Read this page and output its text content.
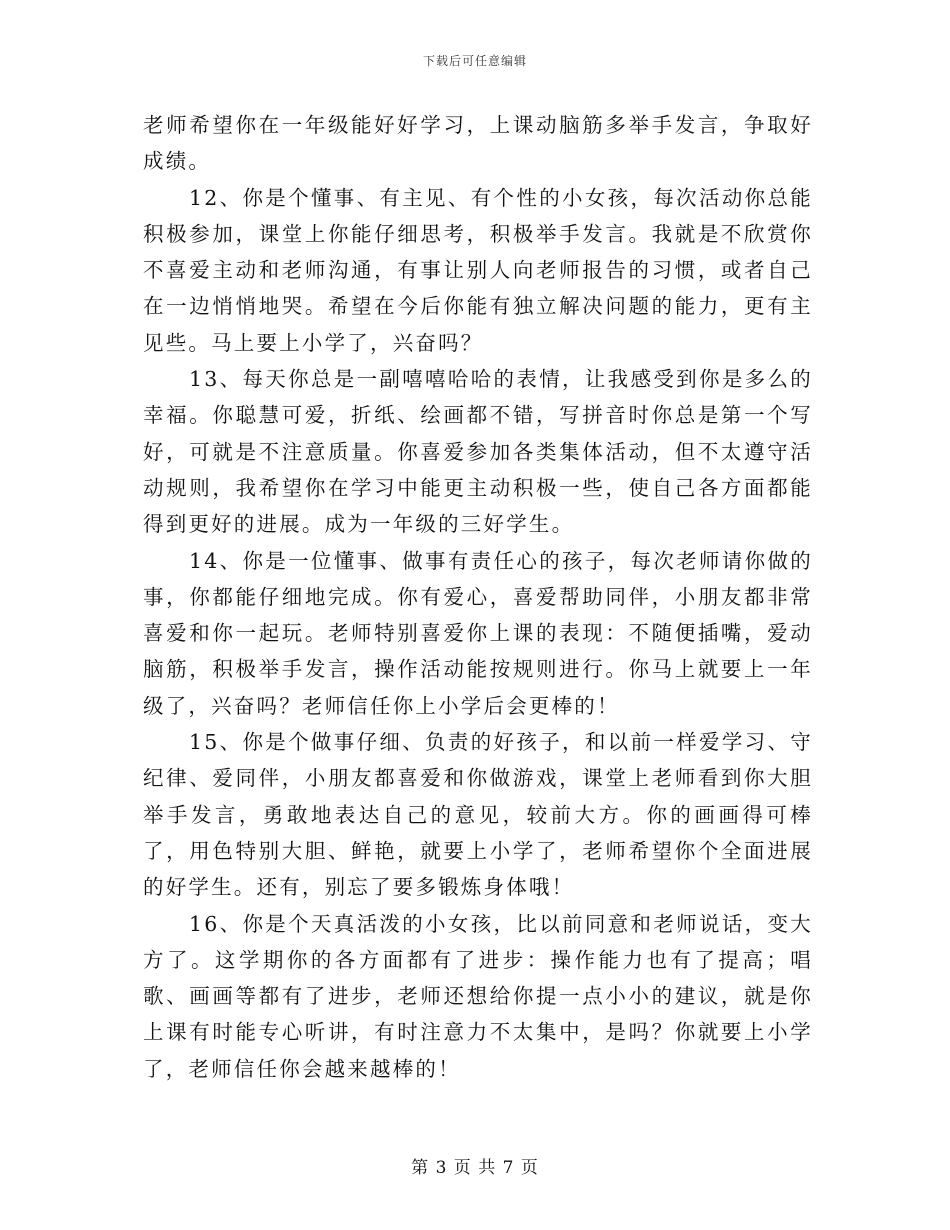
下载后可任意编辑

老师希望你在一年级能好好学习，上课动脑筋多举手发言，争取好成绩。

12、你是个懂事、有主见、有个性的小女孩，每次活动你总能积极参加，课堂上你能仔细思考，积极举手发言。我就是不欣赏你不喜爱主动和老师沟通，有事让别人向老师报告的习惯，或者自己在一边悄悄地哭。希望在今后你能有独立解决问题的能力，更有主见些。马上要上小学了，兴奋吗？

13、每天你总是一副嘻嘻哈哈的表情，让我感受到你是多么的幸福。你聪慧可爱，折纸、绘画都不错，写拼音时你总是第一个写好，可就是不注意质量。你喜爱参加各类集体活动，但不太遵守活动规则，我希望你在学习中能更主动积极一些，使自己各方面都能得到更好的进展。成为一年级的三好学生。

14、你是一位懂事、做事有责任心的孩子，每次老师请你做的事，你都能仔细地完成。你有爱心，喜爱帮助同伴，小朋友都非常喜爱和你一起玩。老师特别喜爱你上课的表现：不随便插嘴，爱动脑筋，积极举手发言，操作活动能按规则进行。你马上就要上一年级了，兴奋吗？老师信任你上小学后会更棒的！

15、你是个做事仔细、负责的好孩子，和以前一样爱学习、守纪律、爱同伴，小朋友都喜爱和你做游戏，课堂上老师看到你大胆举手发言，勇敢地表达自己的意见，较前大方。你的画画得可棒了，用色特别大胆、鲜艳，就要上小学了，老师希望你个全面进展的好学生。还有，别忘了要多锻炼身体哦！

16、你是个天真活泼的小女孩，比以前同意和老师说话，变大方了。这学期你的各方面都有了进步：操作能力也有了提高；唱歌、画画等都有了进步，老师还想给你提一点小小的建议，就是你上课有时能专心听讲，有时注意力不太集中，是吗？你就要上小学了，老师信任你会越来越棒的！

第 3 页 共 7 页
